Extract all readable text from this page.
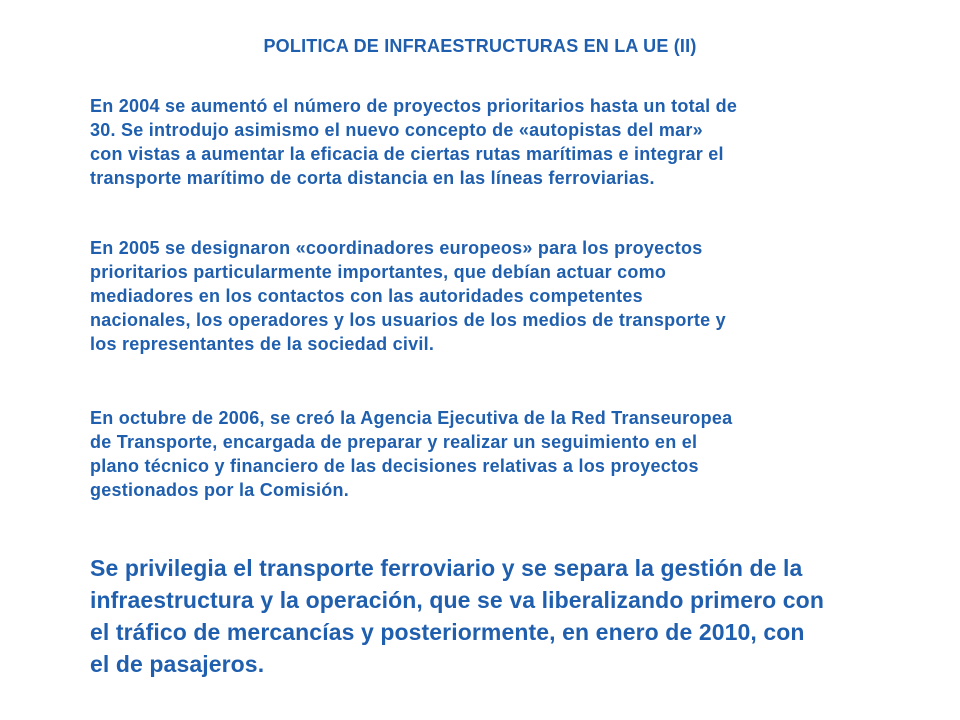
POLITICA DE INFRAESTRUCTURAS EN LA UE (II)
En 2004 se aumentó el número de proyectos prioritarios hasta un total de
30. Se introdujo asimismo el nuevo concepto de «autopistas del mar»
con vistas a aumentar la eficacia de ciertas rutas marítimas e integrar el
transporte marítimo de corta distancia en las líneas ferroviarias.
En 2005 se designaron «coordinadores europeos» para los proyectos
prioritarios particularmente importantes, que debían actuar como
mediadores en los contactos con las autoridades competentes
nacionales, los operadores y los usuarios de los medios de transporte y
los representantes de la sociedad civil.
En octubre de 2006, se creó la Agencia Ejecutiva de la Red Transeuropea
de Transporte, encargada de preparar y realizar un seguimiento en el
plano técnico y financiero de las decisiones relativas a los proyectos
gestionados por la Comisión.
Se privilegia el transporte ferroviario y se separa la gestión de la
infraestructura y la operación, que se va liberalizando primero con
el tráfico de mercancías y posteriormente, en enero de 2010, con
el de pasajeros.
